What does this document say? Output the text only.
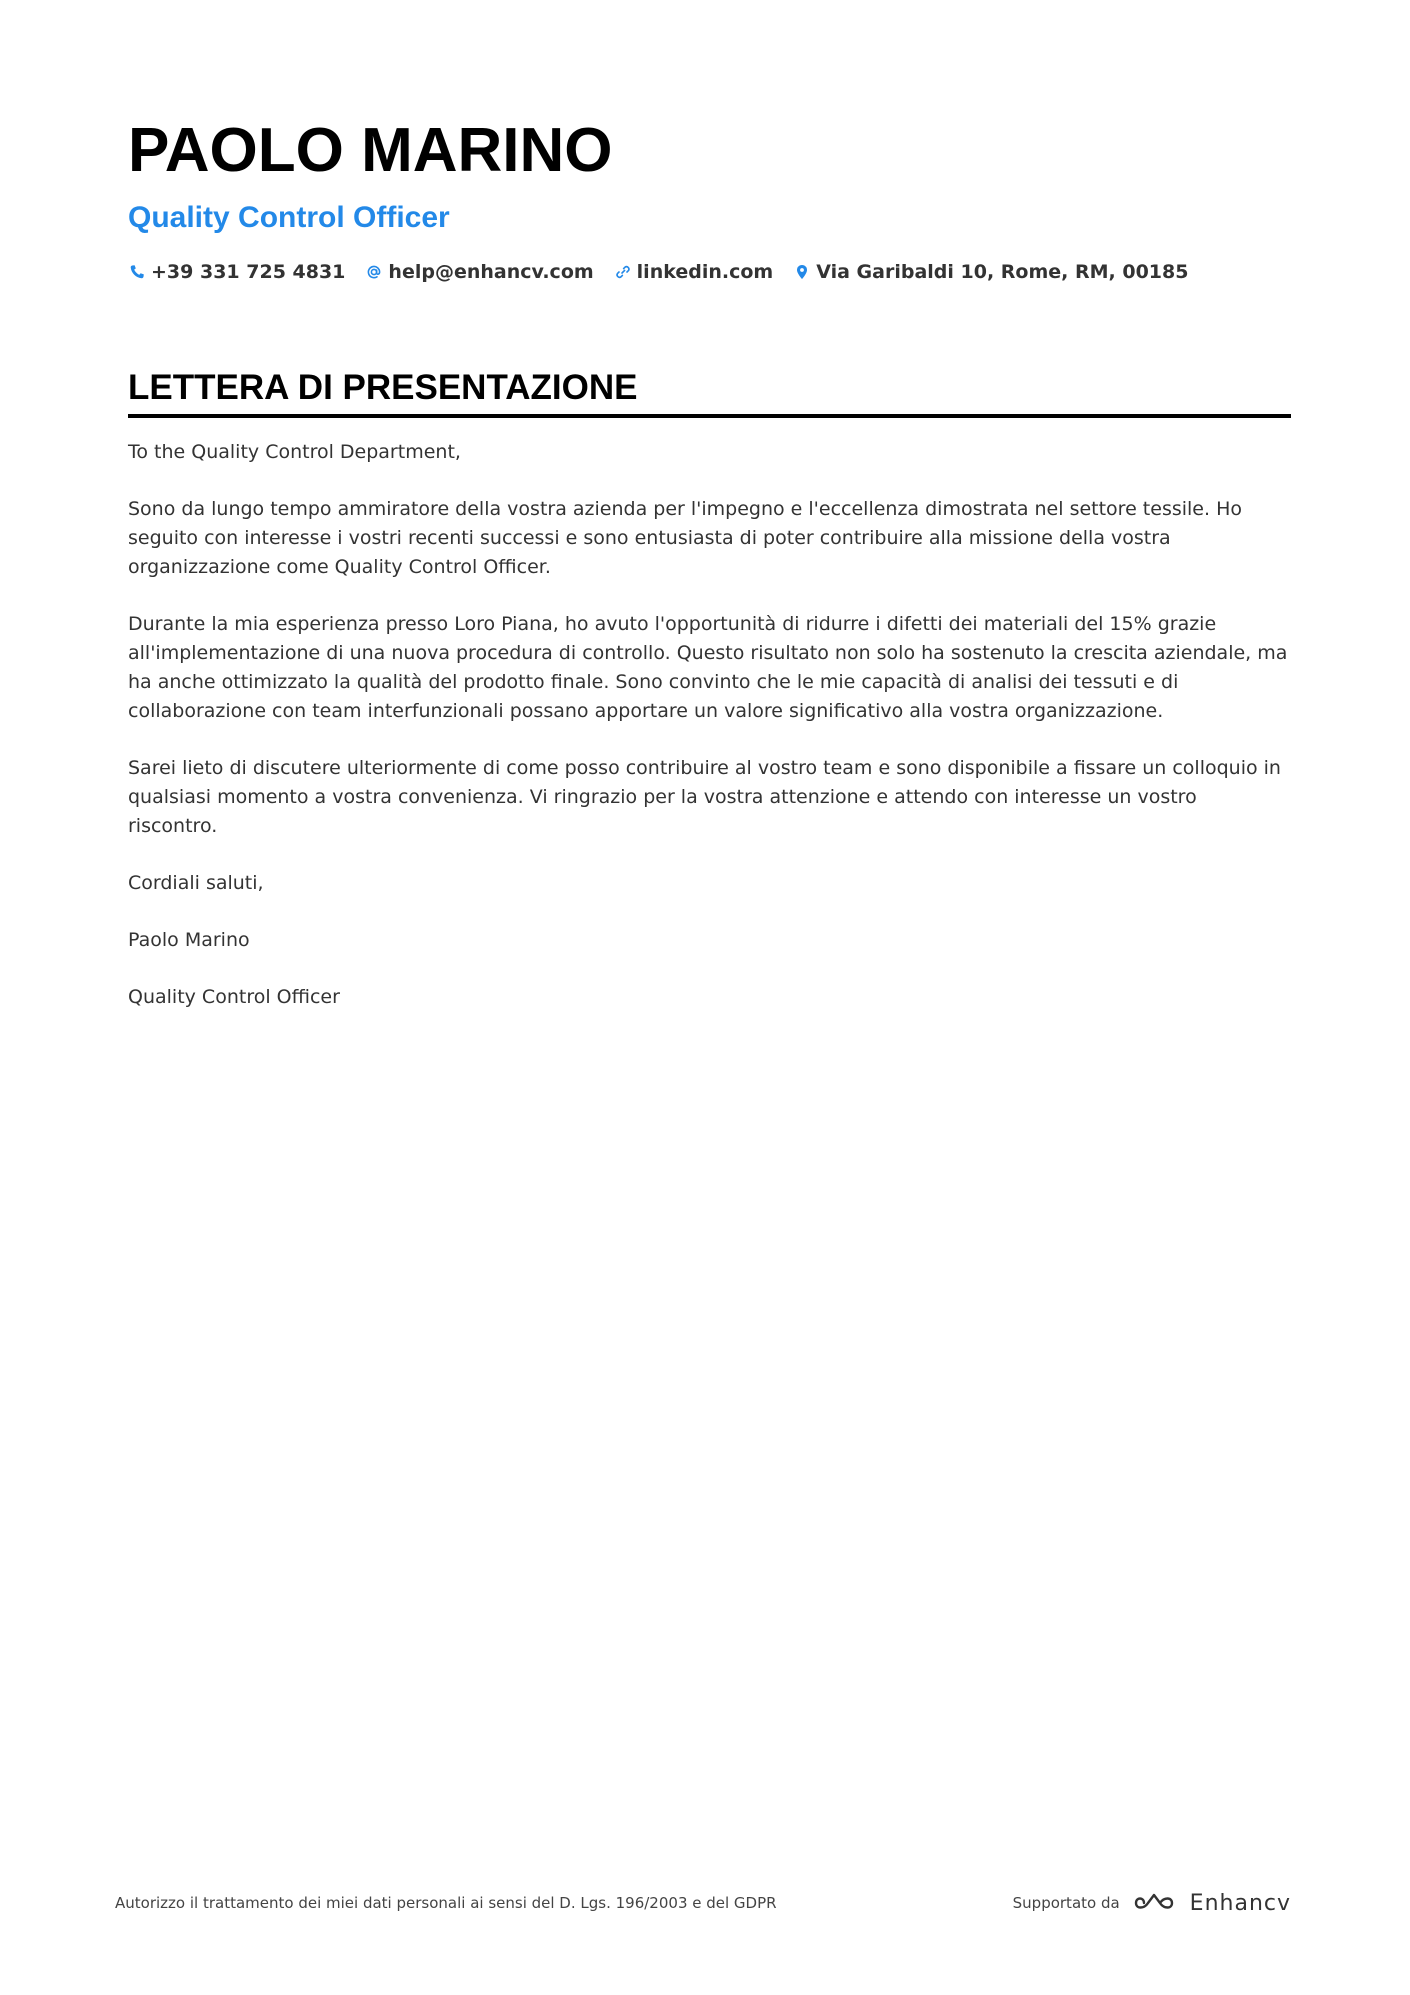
PAOLO MARINO
Quality Control Officer
+39 331 725 4831 help@enhancv.com linkedin.com Via Garibaldi 10, Rome, RM, 00185
LETTERA DI PRESENTAZIONE

To the Quality Control Department,

Sono da lungo tempo ammiratore della vostra azienda per l'impegno e l'eccellenza dimostrata nel settore tessile. Ho seguito con interesse i vostri recenti successi e sono entusiasta di poter contribuire alla missione della vostra organizzazione come Quality Control Officer.

Durante la mia esperienza presso Loro Piana, ho avuto l'opportunità di ridurre i difetti dei materiali del 15% grazie all'implementazione di una nuova procedura di controllo. Questo risultato non solo ha sostenuto la crescita aziendale, ma ha anche ottimizzato la qualità del prodotto finale. Sono convinto che le mie capacità di analisi dei tessuti e di collaborazione con team interfunzionali possano apportare un valore significativo alla vostra organizzazione.

Sarei lieto di discutere ulteriormente di come posso contribuire al vostro team e sono disponibile a fissare un colloquio in qualsiasi momento a vostra convenienza. Vi ringrazio per la vostra attenzione e attendo con interesse un vostro riscontro.

Cordiali saluti,

Paolo Marino

Quality Control Officer

Autorizzo il trattamento dei miei dati personali ai sensi del D. Lgs. 196/2003 e del GDPR	Supportato da	Enhancv
